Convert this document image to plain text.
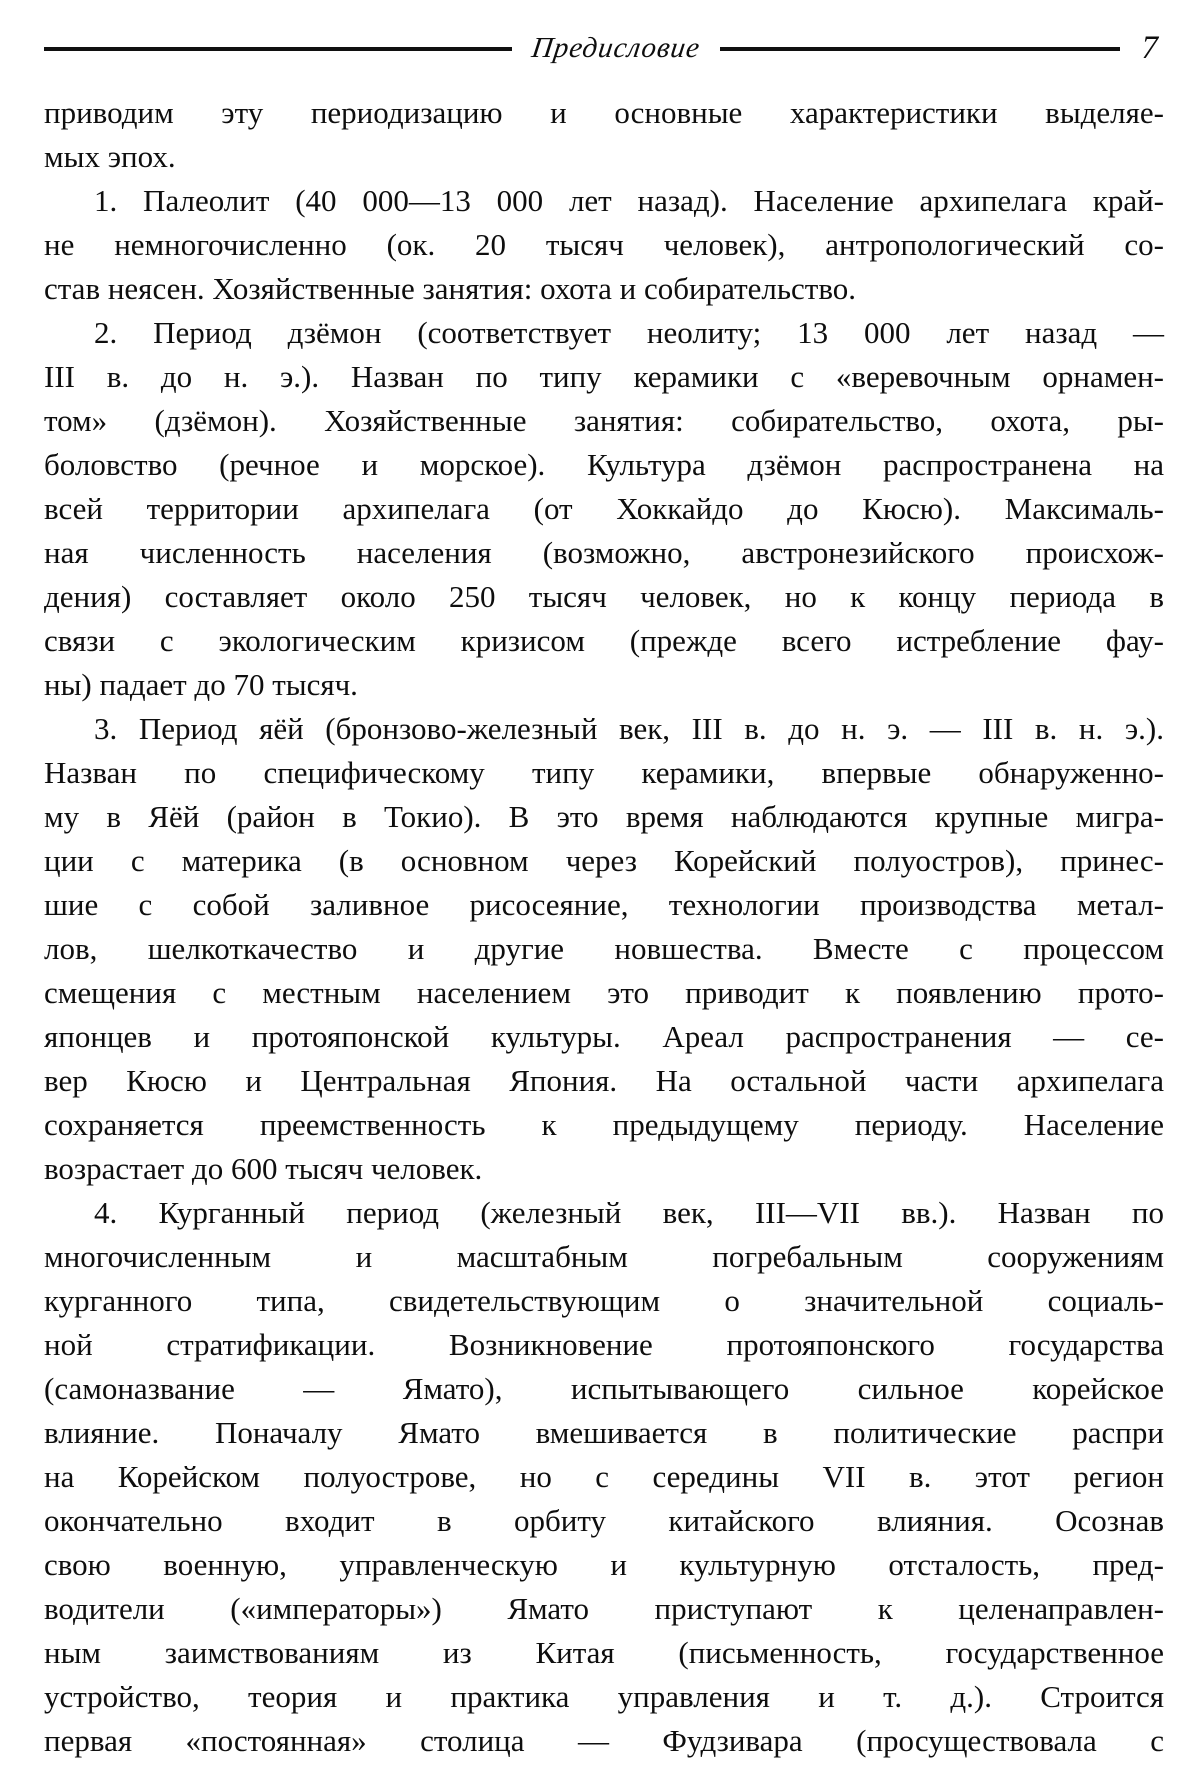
Предисловие	7
приводим эту периодизацию и основные характеристики выделяе-
мых эпох.
1. Палеолит (40 000—13 000 лет назад). Население архипелага край-
не немногочисленно (ок. 20 тысяч человек), антропологический со-
став неясен. Хозяйственные занятия: охота и собирательство.
2. Период дзёмон (соответствует неолиту; 13 000 лет назад —
III в. до н. э.). Назван по типу керамики с «веревочным орнамен-
том» (дзёмон). Хозяйственные занятия: собирательство, охота, ры-
боловство (речное и морское). Культура дзёмон распространена на
всей территории архипелага (от Хоккайдо до Кюсю). Максималь-
ная численность населения (возможно, австронезийского происхож-
дения) составляет около 250 тысяч человек, но к концу периода в
связи с экологическим кризисом (прежде всего истребление фау-
ны) падает до 70 тысяч.
3. Период яёй (бронзово-железный век, III в. до н. э. — III в. н. э.).
Назван по специфическому типу керамики, впервые обнаруженно-
му в Яёй (район в Токио). В это время наблюдаются крупные мигра-
ции с материка (в основном через Корейский полуостров), принес-
шие с собой заливное рисосеяние, технологии производства метал-
лов, шелкоткачество и другие новшества. Вместе с процессом
смещения с местным населением это приводит к появлению прото-
японцев и протояпонской культуры. Ареал распространения — се-
вер Кюсю и Центральная Япония. На остальной части архипелага
сохраняется преемственность к предыдущему периоду. Население
возрастает до 600 тысяч человек.
4. Курганный период (железный век, III—VII вв.). Назван по
многочисленным и масштабным погребальным сооружениям
курганного типа, свидетельствующим о значительной социаль-
ной стратификации. Возникновение протояпонского государства
(самоназвание — Ямато), испытывающего сильное корейское
влияние. Поначалу Ямато вмешивается в политические распри
на Корейском полуострове, но с середины VII в. этот регион
окончательно входит в орбиту китайского влияния. Осознав
свою военную, управленческую и культурную отсталость, пред-
водители («императоры») Ямато приступают к целенаправлен-
ным заимствованиям из Китая (письменность, государственное
устройство, теория и практика управления и т. д.). Строится
первая «постоянная» столица — Фудзивара (просуществовала с
